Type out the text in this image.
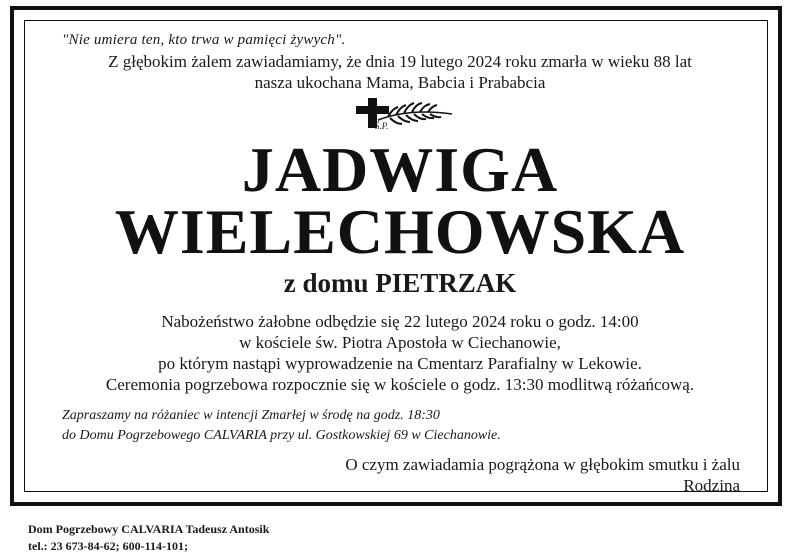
"Nie umiera ten, kto trwa w pamięci żywych".
Z głębokim żalem zawiadamiamy, że dnia 19 lutego 2024 roku zmarła w wieku 88 lat
nasza ukochana Mama, Babcia i Prababcia
Ś.P.
JADWIGA
WIELECHOWSKA
z domu PIETRZAK
Nabożeństwo żałobne odbędzie się 22 lutego 2024 roku o godz. 14:00
w kościele św. Piotra Apostoła w Ciechanowie,
po którym nastąpi wyprowadzenie na Cmentarz Parafialny w Lekowie.
Ceremonia pogrzebowa rozpocznie się w kościele o godz. 13:30 modlitwą różańcową.
Zapraszamy na różaniec w intencji Zmarłej w środę na godz. 18:30
do Domu Pogrzebowego CALVARIA przy ul. Gostkowskiej 69 w Ciechanowie.
O czym zawiadamia pogrążona w głębokim smutku i żalu
Rodzina
Dom Pogrzebowy CALVARIA Tadeusz Antosik
tel.: 23 673-84-62; 600-114-101;
